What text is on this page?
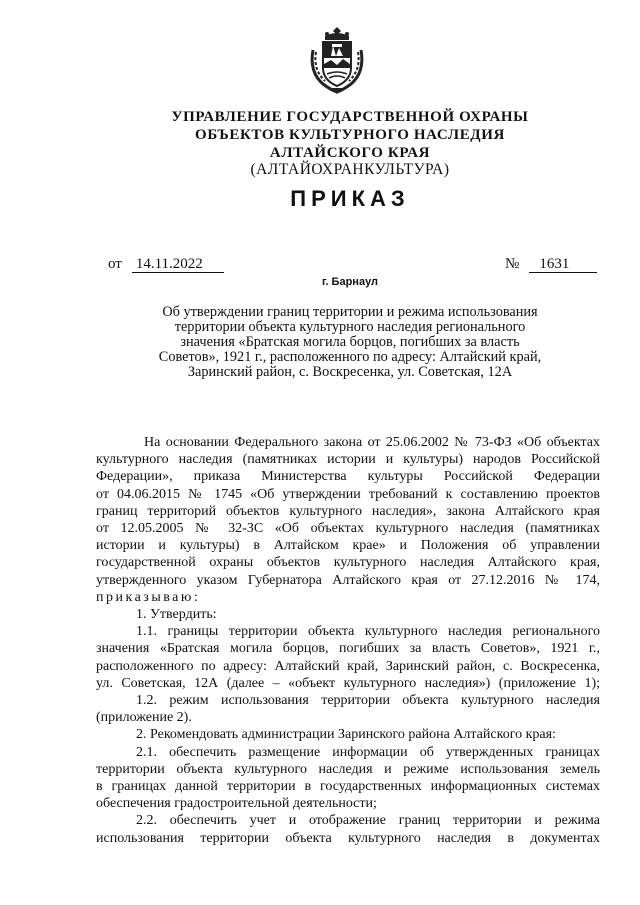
УПРАВЛЕНИЕ ГОСУДАРСТВЕННОЙ ОХРАНЫ
ОБЪЕКТОВ КУЛЬТУРНОГО НАСЛЕДИЯ
АЛТАЙСКОГО КРАЯ
(АЛТАЙОХРАНКУЛЬТУРА)
ПРИКАЗ
от 14.11.2022	№ 1631
г. Барнаул
Об утверждении границ территории и режима использования
территории объекта культурного наследия регионального
значения «Братская могила борцов, погибших за власть
Советов», 1921 г., расположенного по адресу: Алтайский край,
Заринский район, с. Воскресенка, ул. Советская, 12А
На основании Федерального закона от 25.06.2002 № 73-ФЗ «Об объектах
культурного наследия (памятниках истории и культуры) народов Российской
Федерации», приказа Министерства культуры Российской Федерации
от 04.06.2015 № 1745 «Об утверждении требований к составлению проектов
границ территорий объектов культурного наследия», закона Алтайского края
от 12.05.2005 № 32-ЗС «Об объектах культурного наследия (памятниках
истории и культуры) в Алтайском крае» и Положения об управлении
государственной охраны объектов культурного наследия Алтайского края,
утвержденного указом Губернатора Алтайского края от 27.12.2016 № 174,
приказываю:
1. Утвердить:
1.1. границы территории объекта культурного наследия регионального
значения «Братская могила борцов, погибших за власть Советов», 1921 г.,
расположенного по адресу: Алтайский край, Заринский район, с. Воскресенка,
ул. Советская, 12А (далее – «объект культурного наследия») (приложение 1);
1.2. режим использования территории объекта культурного наследия
(приложение 2).
2. Рекомендовать администрации Заринского района Алтайского края:
2.1. обеспечить размещение информации об утвержденных границах
территории объекта культурного наследия и режиме использования земель
в границах данной территории в государственных информационных системах
обеспечения градостроительной деятельности;
2.2. обеспечить учет и отображение границ территории и режима
использования территории объекта культурного наследия в документах
